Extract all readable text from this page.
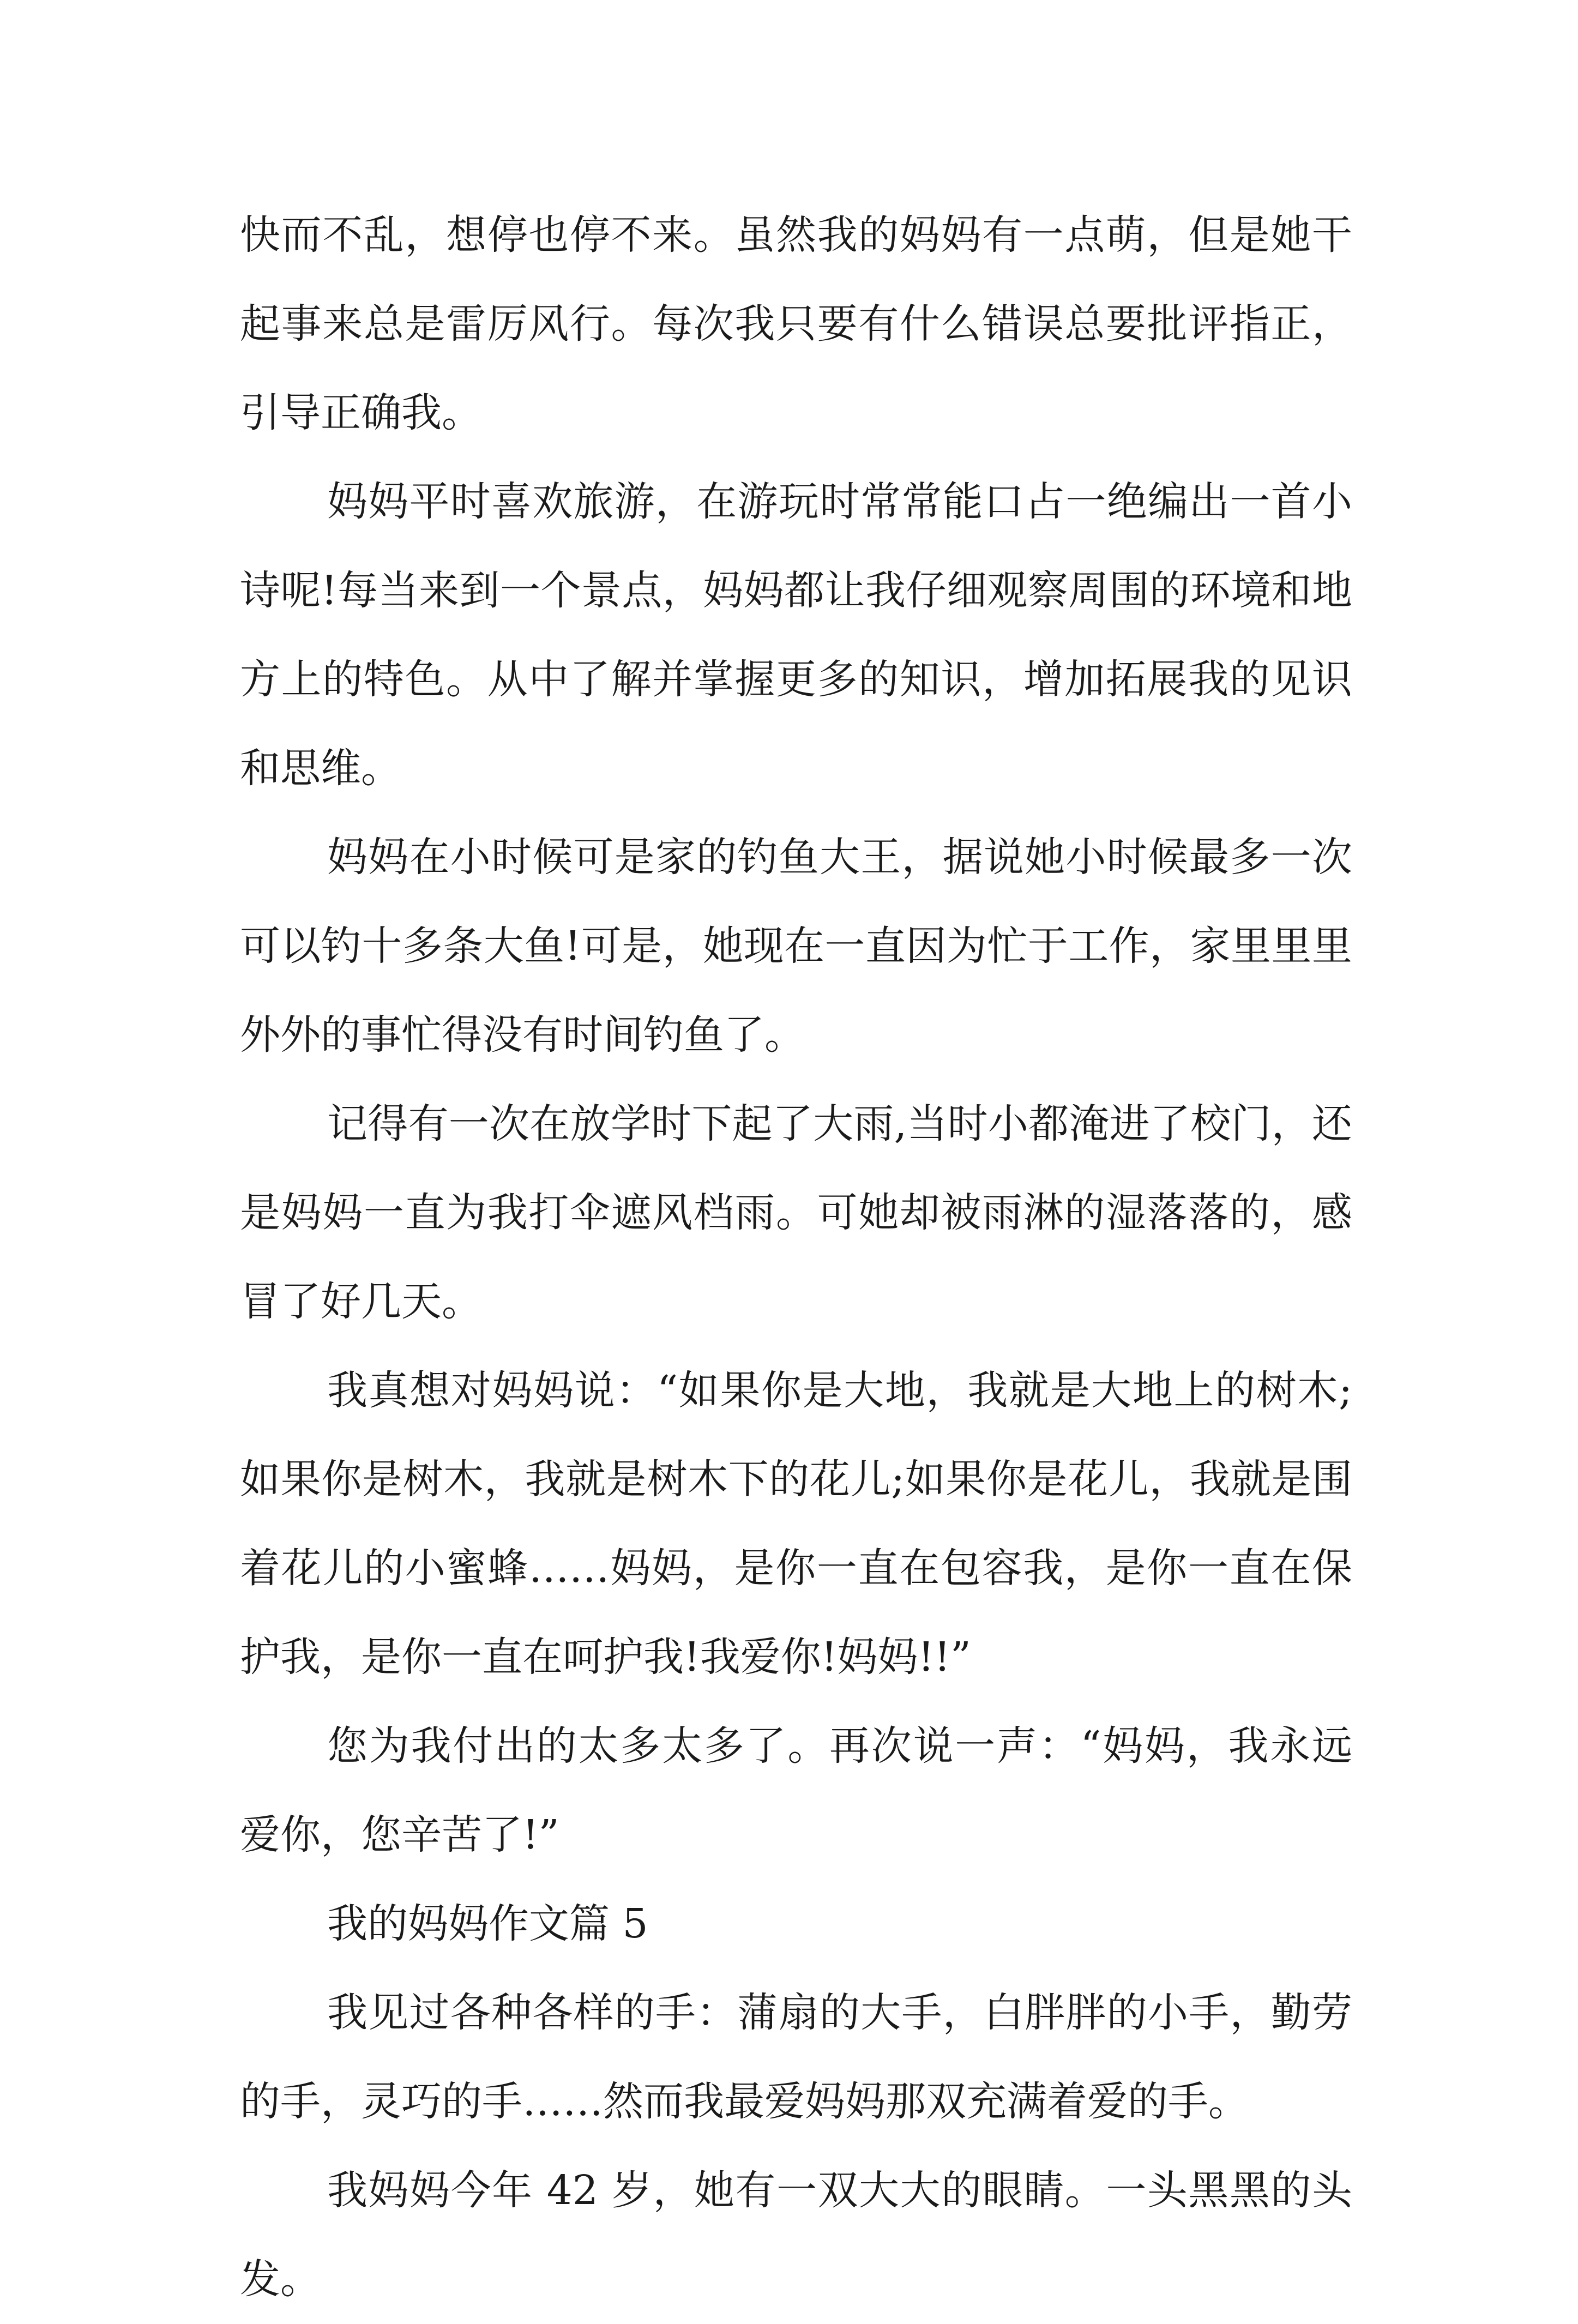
快而不乱，想停也停不来。虽然我的妈妈有一点萌，但是她干起事来总是雷厉风行。每次我只要有什么错误总要批评指正，引导正确我。

妈妈平时喜欢旅游，在游玩时常常能口占一绝编出一首小诗呢!每当来到一个景点，妈妈都让我仔细观察周围的环境和地方上的特色。从中了解并掌握更多的知识，增加拓展我的见识和思维。

妈妈在小时候可是家的钓鱼大王，据说她小时候最多一次可以钓十多条大鱼!可是，她现在一直因为忙于工作，家里里里外外的事忙得没有时间钓鱼了。

记得有一次在放学时下起了大雨,当时小都淹进了校门，还是妈妈一直为我打伞遮风档雨。可她却被雨淋的湿落落的，感冒了好几天。

我真想对妈妈说：“如果你是大地，我就是大地上的树木;如果你是树木，我就是树木下的花儿;如果你是花儿，我就是围着花儿的小蜜蜂……妈妈，是你一直在包容我，是你一直在保护我，是你一直在呵护我!我爱你!妈妈!!”

您为我付出的太多太多了。再次说一声：“妈妈，我永远爱你，您辛苦了!”

我的妈妈作文篇 5

我见过各种各样的手：蒲扇的大手，白胖胖的小手，勤劳的手，灵巧的手……然而我最爱妈妈那双充满着爱的手。

我妈妈今年 42 岁，她有一双大大的眼睛。一头黑黑的头发。
